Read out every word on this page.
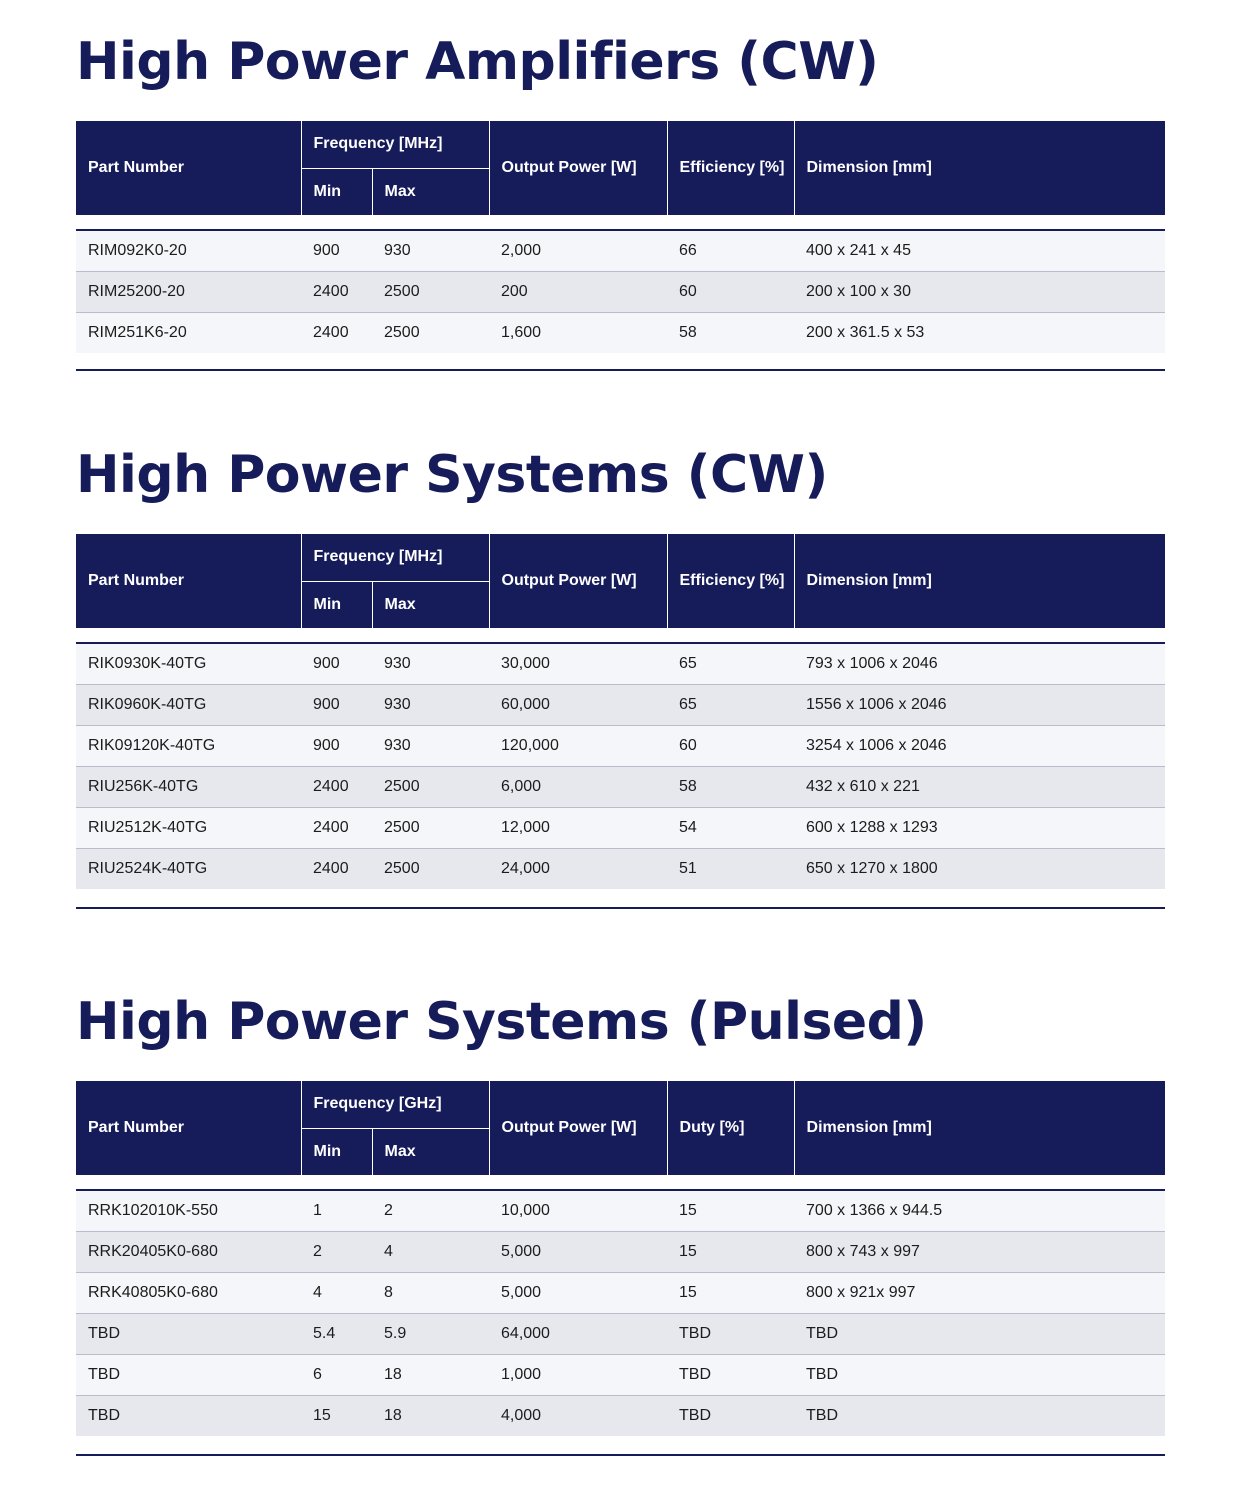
High Power Amplifiers (CW)
Part Number	Frequency [MHz]		Output Power [W]	Efficiency [%]	Dimension [mm]
	Min	Max			

RIM092K0-20	900	930	2,000	66	400 x 241 x 45
RIM25200-20	2400	2500	200	60	200 x 100 x 30
RIM251K6-20	2400	2500	1,600	58	200 x 361.5 x 53
High Power Systems (CW)
Part Number	Frequency [MHz]		Output Power [W]	Efficiency [%]	Dimension [mm]
	Min	Max			

RIK0930K-40TG	900	930	30,000	65	793 x 1006 x 2046
RIK0960K-40TG	900	930	60,000	65	1556 x 1006 x 2046
RIK09120K-40TG	900	930	120,000	60	3254 x 1006 x 2046
RIU256K-40TG	2400	2500	6,000	58	432 x 610 x 221
RIU2512K-40TG	2400	2500	12,000	54	600 x 1288 x 1293
RIU2524K-40TG	2400	2500	24,000	51	650 x 1270 x 1800
High Power Systems (Pulsed)
Part Number	Frequency [GHz]		Output Power [W]	Duty [%]	Dimension [mm]
	Min	Max			

RRK102010K-550	1	2	10,000	15	700 x 1366 x 944.5
RRK20405K0-680	2	4	5,000	15	800 x 743 x 997
RRK40805K0-680	4	8	5,000	15	800 x 921x 997
TBD	5.4	5.9	64,000	TBD	TBD
TBD	6	18	1,000	TBD	TBD
TBD	15	18	4,000	TBD	TBD
